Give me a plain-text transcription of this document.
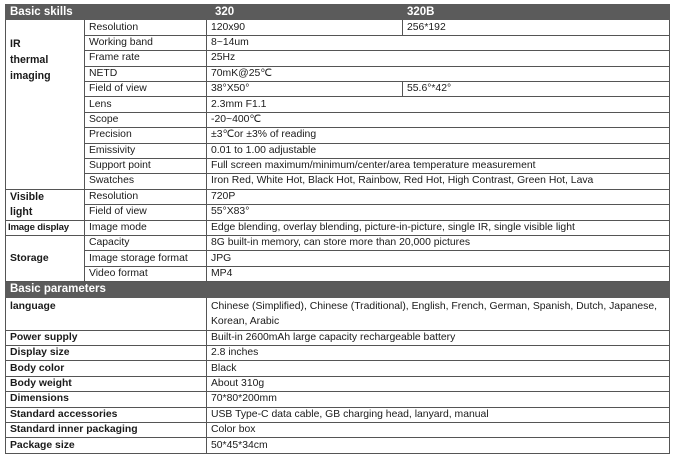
Basic skills		320	320B

IR
thermal
imaging	Resolution	120x90	256*192
	Working band	8~14um	
	Frame rate	25Hz	
	NETD	70mK@25℃	
	Field of view	38°X50°	55.6°*42°
	Lens	2.3mm F1.1	
	Scope	-20~400℃	
	Precision	±3℃or ±3% of reading	
	Emissivity	0.01 to 1.00 adjustable	
	Support point	Full screen maximum/minimum/center/area temperature measurement	
	Swatches	Iron Red, White Hot, Black Hot, Rainbow, Red Hot, High Contrast, Green Hot, Lava	

Visible
light	Resolution	720P	
	Field of view	55°X83°	
Image display	Image mode	Edge blending, overlay blending, picture-in-picture, single IR, single visible light	
Storage	Capacity	8G built-in memory, can store more than 20,000 pictures	
	Image storage format	JPG	
	Video format	MP4	
Basic parameters			
language		Chinese (Simplified), Chinese (Traditional), English, French, German, Spanish, Dutch, Japanese, Korean, Arabic	
Power supply		Built-in 2600mAh large capacity rechargeable battery	
Display size		2.8 inches	
Body color		Black	
Body weight		About 310g	
Dimensions		70*80*200mm	
Standard accessories		USB Type-C data cable, GB charging head, lanyard, manual	
Standard inner packaging		Color box	
Package size		50*45*34cm	
